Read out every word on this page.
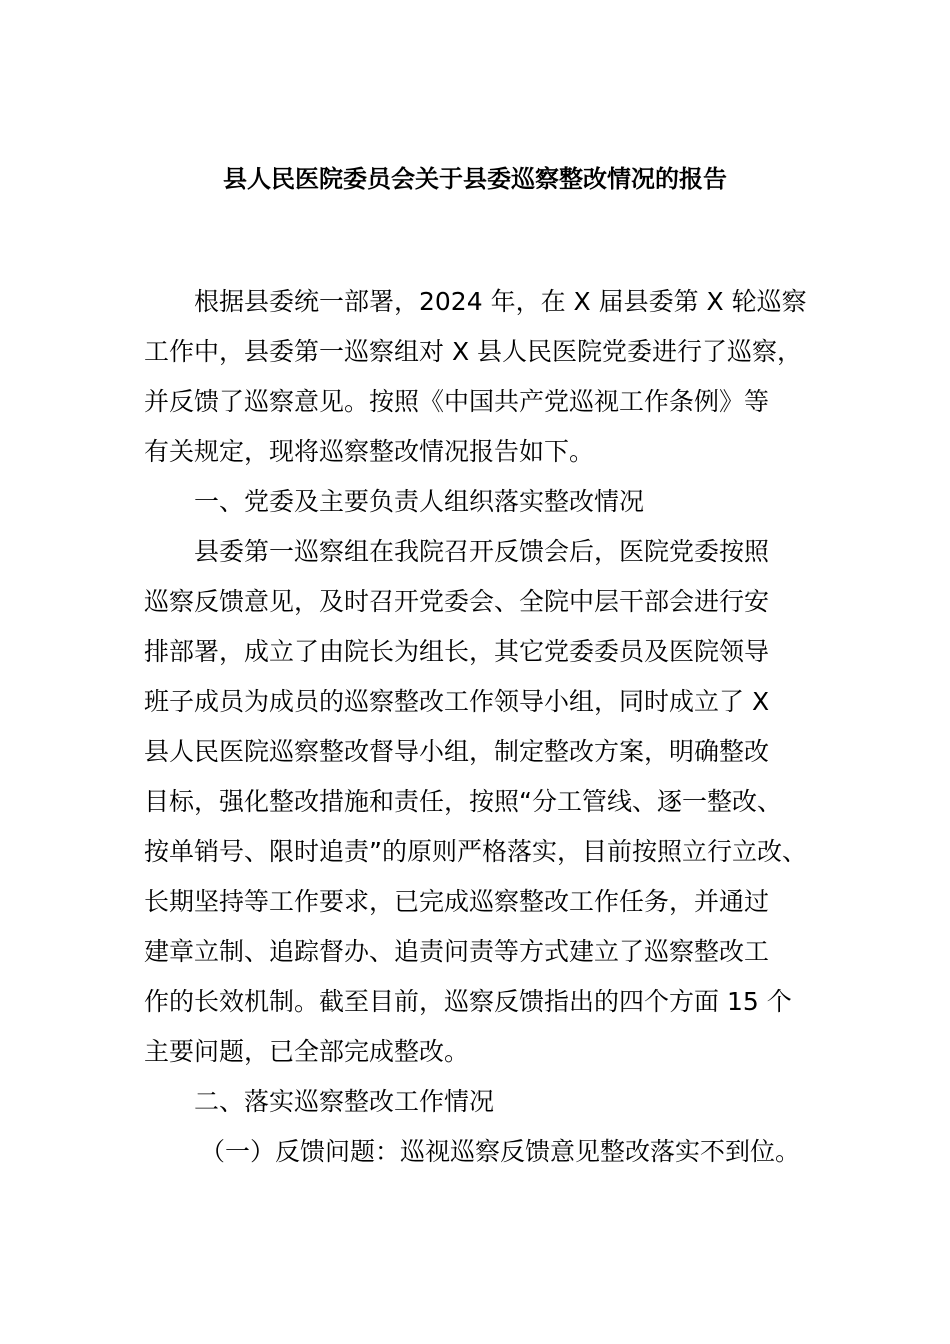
县人民医院委员会关于县委巡察整改情况的报告
根据县委统一部署，2024 年，在 X 届县委第 X 轮巡察
工作中，县委第一巡察组对 X 县人民医院党委进行了巡察，
并反馈了巡察意见。按照《中国共产党巡视工作条例》等
有关规定，现将巡察整改情况报告如下。
一、党委及主要负责人组织落实整改情况
县委第一巡察组在我院召开反馈会后，医院党委按照
巡察反馈意见，及时召开党委会、全院中层干部会进行安
排部署，成立了由院长为组长，其它党委委员及医院领导
班子成员为成员的巡察整改工作领导小组，同时成立了 X
县人民医院巡察整改督导小组，制定整改方案，明确整改
目标，强化整改措施和责任，按照“分工管线、逐一整改、
按单销号、限时追责”的原则严格落实，目前按照立行立改、
长期坚持等工作要求，已完成巡察整改工作任务，并通过
建章立制、追踪督办、追责问责等方式建立了巡察整改工
作的长效机制。截至目前，巡察反馈指出的四个方面 15 个
主要问题，已全部完成整改。
二、落实巡察整改工作情况
（一）反馈问题：巡视巡察反馈意见整改落实不到位。
